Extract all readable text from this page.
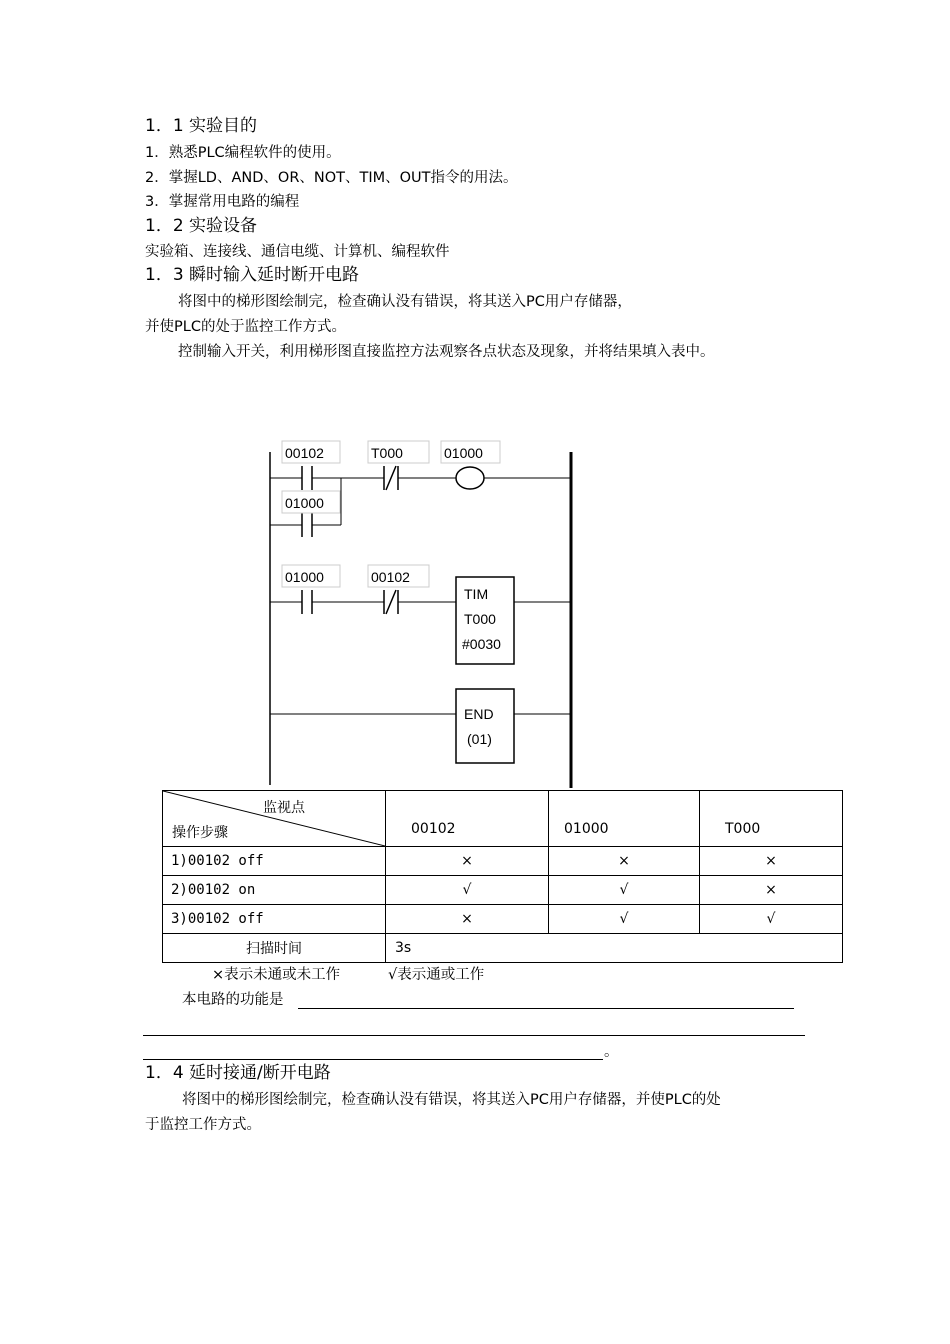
1．1 实验目的
1．熟悉PLC编程软件的使用。
2．掌握LD、AND、OR、NOT、TIM、OUT指令的用法。
3．掌握常用电路的编程
1．2 实验设备
实验箱、连接线、通信电缆、计算机、编程软件
1．3 瞬时输入延时断开电路
将图中的梯形图绘制完，检查确认没有错误，将其送入PC用户存储器，
并使PLC的处于监控工作方式。
控制输入开关，利用梯形图直接监控方法观察各点状态及现象，并将结果填入表中。
00102
01000
T000	01000
01000	00102
TIM
T000
#0030
END
(01)
监视点
操作步骤	00102	01000	T000
1)00102 off	×	×	×
2)00102 on	√	√	×
3)00102 off	×	√	√
扫描时间	3s		
×表示未通或未工作	√表示通或工作
本电路的功能是
。
1．4 延时接通/断开电路
将图中的梯形图绘制完，检查确认没有错误，将其送入PC用户存储器，并使PLC的处
于监控工作方式。
